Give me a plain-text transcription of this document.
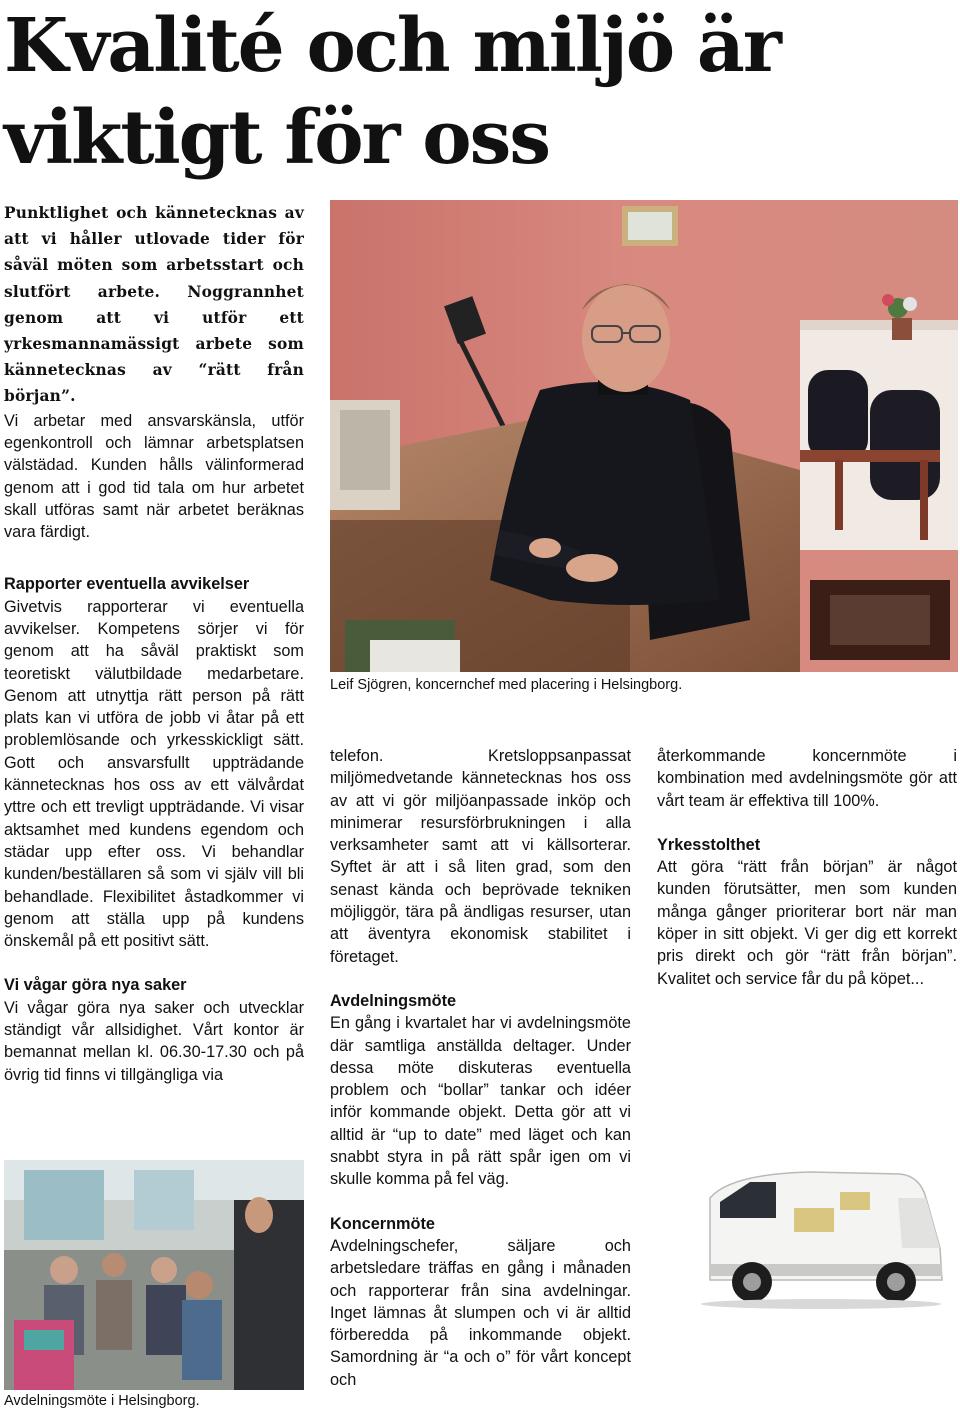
Kvalité och miljö är viktigt för oss

Punktlighet och kännetecknas av att vi håller utlovade tider för såväl möten som arbetsstart och slutfört arbete. Noggrannhet genom att vi utför ett yrkesmannamässigt arbete som kännetecknas av “rätt från början”.

Vi arbetar med ansvarskänsla, utför egenkontroll och lämnar arbetsplatsen välstädad. Kunden hålls välinformerad genom att i god tid tala om hur arbetet skall utföras samt när arbetet beräknas vara färdigt.

Rapporter eventuella avvikelser

Givetvis rapporterar vi eventuella avvikelser. Kompetens sörjer vi för genom att ha såväl praktiskt som teoretiskt välutbildade medarbetare. Genom att utnyttja rätt person på rätt plats kan vi utföra de jobb vi åtar på ett problemlösande och yrkesskickligt sätt. Gott och ansvarsfullt uppträdande kännetecknas hos oss av ett välvårdat yttre och ett trevligt uppträdande. Vi visar aktsamhet med kundens egendom och städar upp efter oss. Vi behandlar kunden/beställaren så som vi själv vill bli behandlade. Flexibilitet åstadkommer vi genom att ställa upp på kundens önskemål på ett positivt sätt.

Vi vågar göra nya saker

Vi vågar göra nya saker och utvecklar ständigt vår allsidighet. Vårt kontor är bemannat mellan kl. 06.30-17.30 och på övrig tid finns vi tillgängliga via

Leif Sjögren, koncernchef med placering i Helsingborg.

telefon. Kretsloppsanpassat miljömedvetande kännetecknas hos oss av att vi gör miljöanpassade inköp och minimerar resursförbrukningen i alla verksamheter samt att vi källsorterar. Syftet är att i så liten grad, som den senast kända och beprövade tekniken möjliggör, tära på ändligas resurser, utan att äventyra ekonomisk stabilitet i företaget.

Avdelningsmöte

En gång i kvartalet har vi avdelningsmöte där samtliga anställda deltager. Under dessa möte diskuteras eventuella problem och “bollar” tankar och idéer inför kommande objekt. Detta gör att vi alltid är “up to date” med läget och kan snabbt styra in på rätt spår igen om vi skulle komma på fel väg.

Koncernmöte

Avdelningschefer, säljare och arbetsledare träffas en gång i månaden och rapporterar från sina avdelningar. Inget lämnas åt slumpen och vi är alltid förberedda på inkommande objekt. Samordning är “a och o” för vårt koncept och

återkommande koncernmöte i kombination med avdelningsmöte gör att vårt team är effektiva till 100%.

Yrkesstolthet

Att göra “rätt från början” är något kunden förutsätter, men som kunden många gånger prioriterar bort när man köper in sitt objekt. Vi ger dig ett korrekt pris direkt och gör “rätt från början”. Kvalitet och service får du på köpet...

Avdelningsmöte i Helsingborg.
